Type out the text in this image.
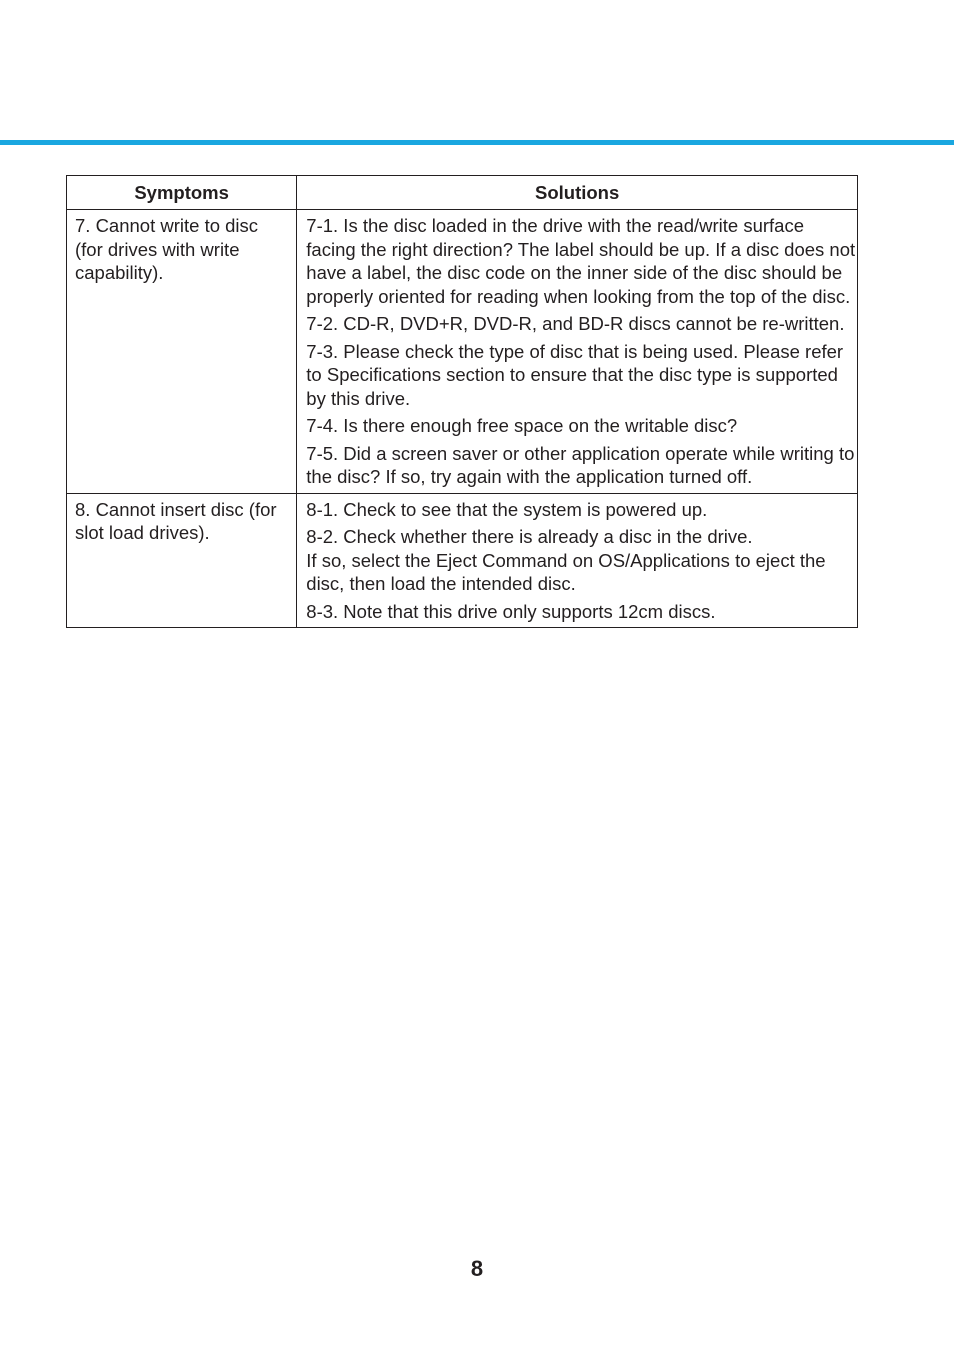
Symptoms	Solutions
7. Cannot write to disc (for drives with write capability).	7-1. Is the disc loaded in the drive with the read/write surface facing the right direction? The label should be up. If a disc does not have a label, the disc code on the inner side of the disc should be properly oriented for reading when looking from the top of the disc.
7-2. CD-R, DVD+R, DVD-R, and BD-R discs cannot be re-written.
7-3. Please check the type of disc that is being used. Please refer to Specifications section to ensure that the disc type is supported by this drive.
7-4. Is there enough free space on the writable disc?
7-5. Did a screen saver or other application operate while writing to the disc? If so, try again with the application turned off.

8. Cannot insert disc (for slot load drives).	8-1. Check to see that the system is powered up.
8-2. Check whether there is already a disc in the drive.
If so, select the Eject Command on OS/Applications to eject the disc, then load the intended disc.
8-3. Note that this drive only supports 12cm discs.
8
